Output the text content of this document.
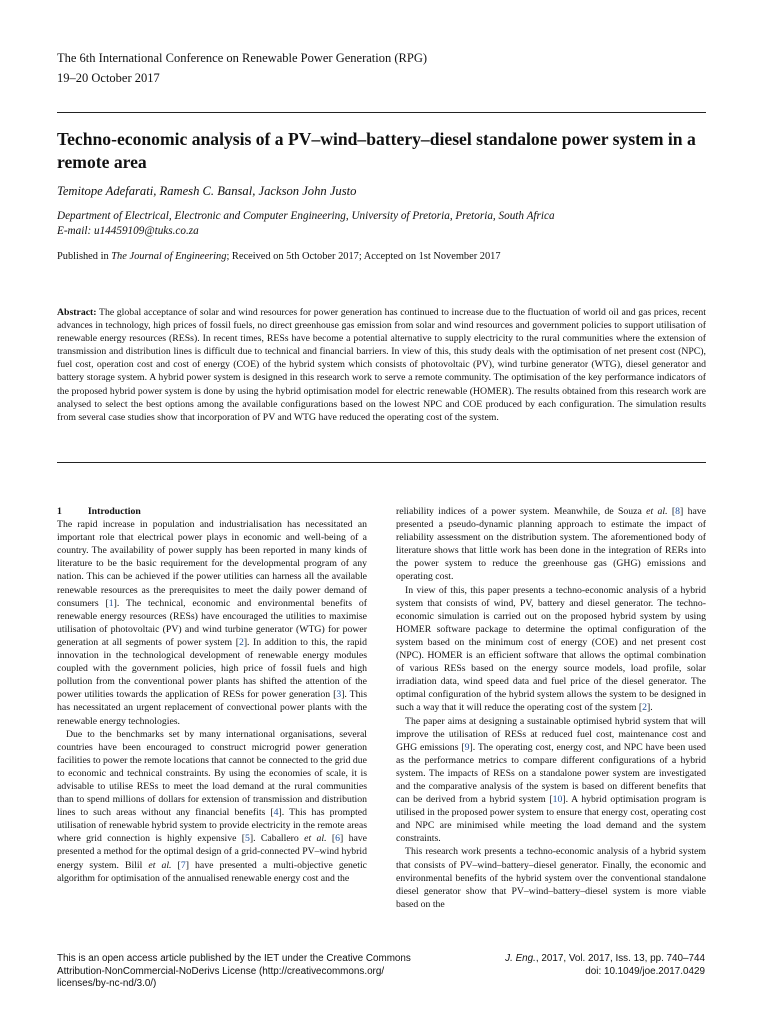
The 6th International Conference on Renewable Power Generation (RPG)
19–20 October 2017
Techno-economic analysis of a PV–wind–battery–diesel standalone power system in a remote area
Temitope Adefarati, Ramesh C. Bansal, Jackson John Justo
Department of Electrical, Electronic and Computer Engineering, University of Pretoria, Pretoria, South Africa
E-mail: u14459109@tuks.co.za
Published in The Journal of Engineering; Received on 5th October 2017; Accepted on 1st November 2017

Abstract: The global acceptance of solar and wind resources for power generation has continued to increase due to the fluctuation of world oil and gas prices, recent advances in technology, high prices of fossil fuels, no direct greenhouse gas emission from solar and wind resources and government policies to support utilisation of renewable energy resources (RESs). In recent times, RESs have become a potential alternative to supply electricity to the rural communities where the extension of transmission and distribution lines is difficult due to technical and financial barriers. In view of this, this study deals with the optimisation of net present cost (NPC), fuel cost, operation cost and cost of energy (COE) of the hybrid system which consists of photovoltaic (PV), wind turbine generator (WTG), diesel generator and battery storage system. A hybrid power system is designed in this research work to serve a remote community. The optimisation of the key performance indicators of the proposed hybrid power system is done by using the hybrid optimisation model for electric renewable (HOMER). The results obtained from this research work are analysed to select the best options among the available configurations based on the lowest NPC and COE produced by each configuration. The simulation results from several case studies show that incorporation of PV and WTG have reduced the operating cost of the system.

1	Introduction

The rapid increase in population and industrialisation has necessitated an important role that electrical power plays in economic and well-being of a country. The availability of power supply has been reported in many kinds of literature to be the basic requirement for the developmental program of any nation. This can be achieved if the power utilities can harness all the available renewable resources as the prerequisites to meet the daily power demand of consumers [1]. The technical, economic and environmental benefits of renewable energy resources (RESs) have encouraged the utilities to maximise utilisation of photovoltaic (PV) and wind turbine generator (WTG) for power generation at all segments of power system [2]. In addition to this, the rapid innovation in the technological development of renewable energy modules coupled with the government policies, high price of fossil fuels and high pollution from the conventional power plants has shifted the attention of the power utilities towards the application of RESs for power generation [3]. This has necessitated an urgent replacement of convectional power plants with the renewable energy technologies.

Due to the benchmarks set by many international organisations, several countries have been encouraged to construct microgrid power generation facilities to power the remote locations that cannot be connected to the grid due to economic and technical constraints. By using the economies of scale, it is advisable to utilise RESs to meet the load demand at the rural communities than to spend millions of dollars for extension of transmission and distribution lines to such areas without any financial benefits [4]. This has prompted utilisation of renewable hybrid system to provide electricity in the remote areas where grid connection is highly expensive [5]. Caballero et al. [6] have presented a method for the optimal design of a grid-connected PV–wind hybrid energy system. Bilil et al. [7] have presented a multi-objective genetic algorithm for optimisation of the annualised renewable energy cost and the

reliability indices of a power system. Meanwhile, de Souza et al. [8] have presented a pseudo-dynamic planning approach to estimate the impact of reliability assessment on the distribution system. The aforementioned body of literature shows that little work has been done in the integration of RERs into the power system to reduce the greenhouse gas (GHG) emissions and operating cost.

In view of this, this paper presents a techno-economic analysis of a hybrid system that consists of wind, PV, battery and diesel generator. The techno-economic simulation is carried out on the proposed hybrid system by using HOMER software package to determine the optimal configuration of the system based on the minimum cost of energy (COE) and net present cost (NPC). HOMER is an efficient software that allows the optimal combination of various RESs based on the energy source models, load profile, solar irradiation data, wind speed data and fuel price of the diesel generator. The optimal configuration of the hybrid system allows the system to be designed in such a way that it will reduce the operating cost of the system [2].

The paper aims at designing a sustainable optimised hybrid system that will improve the utilisation of RESs at reduced fuel cost, maintenance cost and GHG emissions [9]. The operating cost, energy cost, and NPC have been used as the performance metrics to compare different configurations of a hybrid system. The impacts of RESs on a standalone power system are investigated and the comparative analysis of the system is based on different benefits that can be derived from a hybrid system [10]. A hybrid optimisation program is utilised in the proposed power system to ensure that energy cost, operating cost and NPC are minimised while meeting the load demand and the system constraints.

This research work presents a techno-economic analysis of a hybrid system that consists of PV–wind–battery–diesel generator. Finally, the economic and environmental benefits of the hybrid system over the conventional standalone diesel generator show that PV–wind–battery–diesel system is more viable based on the

This is an open access article published by the IET under the Creative Commons
Attribution-NonCommercial-NoDerivs License (http://creativecommons.org/
licenses/by-nc-nd/3.0/)
J. Eng., 2017, Vol. 2017, Iss. 13, pp. 740–744
doi: 10.1049/joe.2017.0429
